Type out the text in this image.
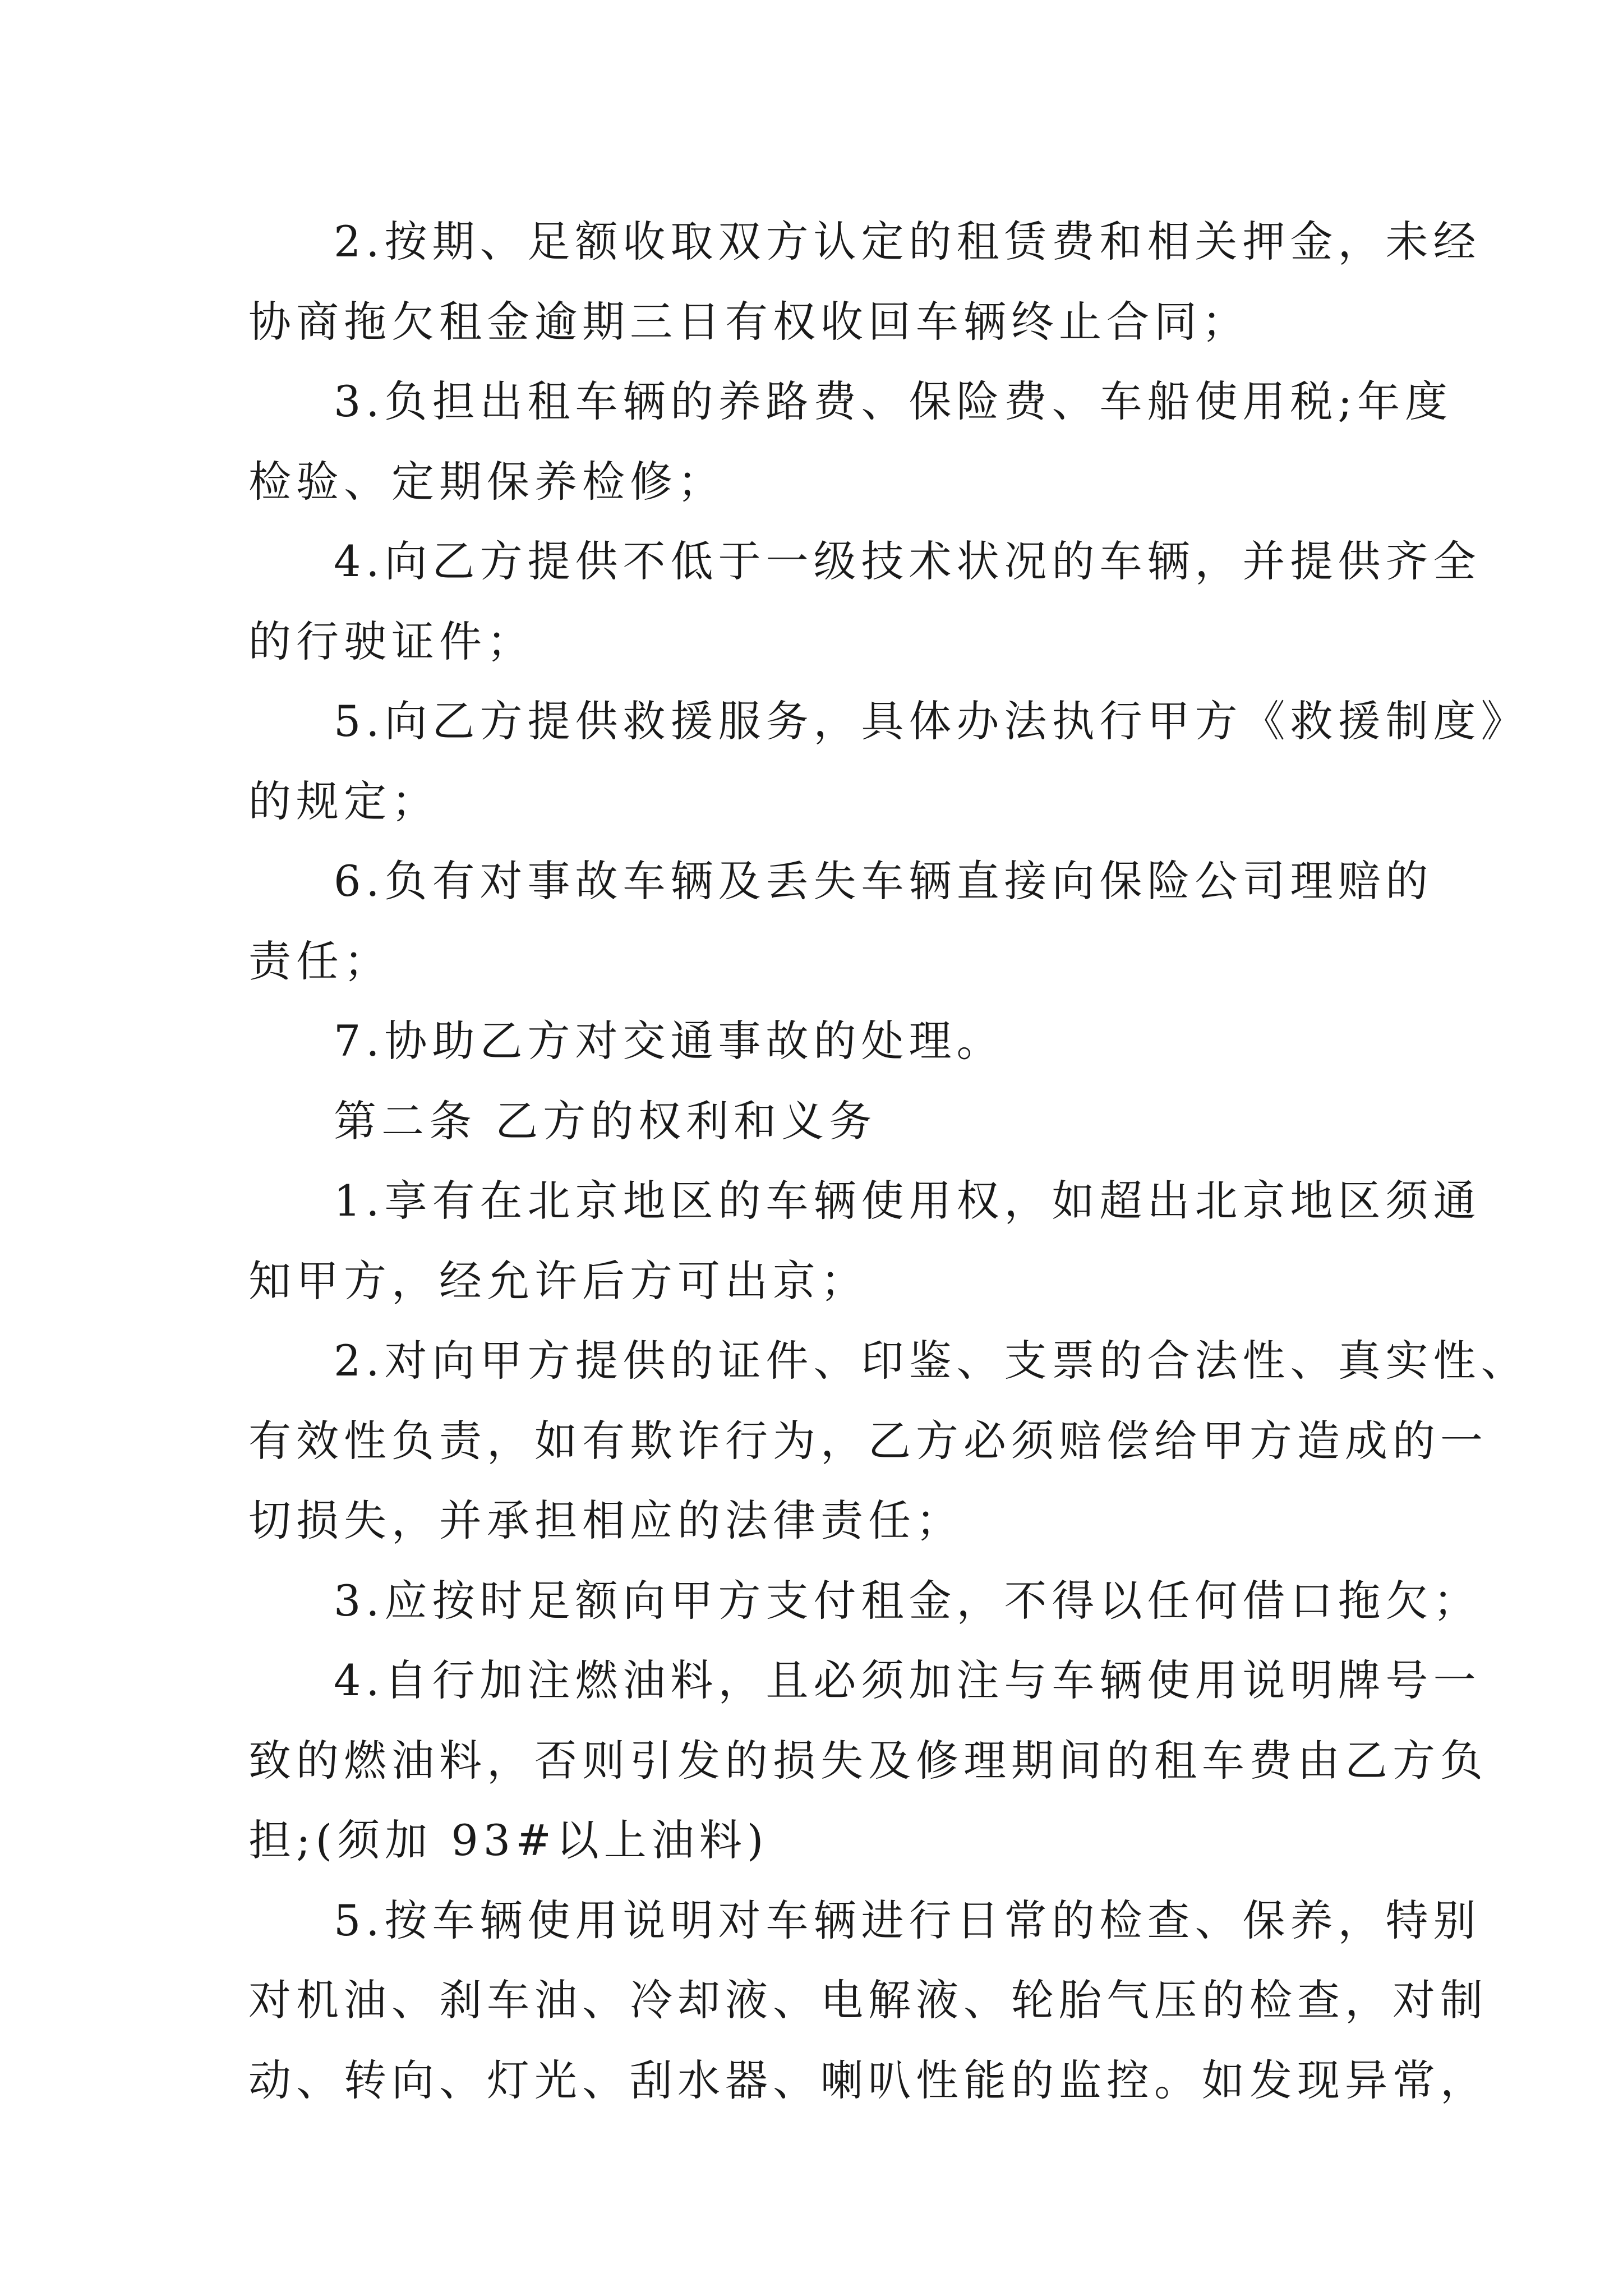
2.按期、足额收取双方认定的租赁费和相关押金，未经
协商拖欠租金逾期三日有权收回车辆终止合同；
3.负担出租车辆的养路费、保险费、车船使用税;年度
检验、定期保养检修；
4.向乙方提供不低于一级技术状况的车辆，并提供齐全
的行驶证件；
5.向乙方提供救援服务，具体办法执行甲方《救援制度》
的规定；
6.负有对事故车辆及丢失车辆直接向保险公司理赔的
责任；
7.协助乙方对交通事故的处理。
第二条 乙方的权利和义务
1.享有在北京地区的车辆使用权，如超出北京地区须通
知甲方，经允许后方可出京；
2.对向甲方提供的证件、印鉴、支票的合法性、真实性、
有效性负责，如有欺诈行为，乙方必须赔偿给甲方造成的一
切损失，并承担相应的法律责任；
3.应按时足额向甲方支付租金，不得以任何借口拖欠；
4.自行加注燃油料，且必须加注与车辆使用说明牌号一
致的燃油料，否则引发的损失及修理期间的租车费由乙方负
担;(须加 93#以上油料)
5.按车辆使用说明对车辆进行日常的检查、保养，特别
对机油、刹车油、冷却液、电解液、轮胎气压的检查，对制
动、转向、灯光、刮水器、喇叭性能的监控。如发现异常，
